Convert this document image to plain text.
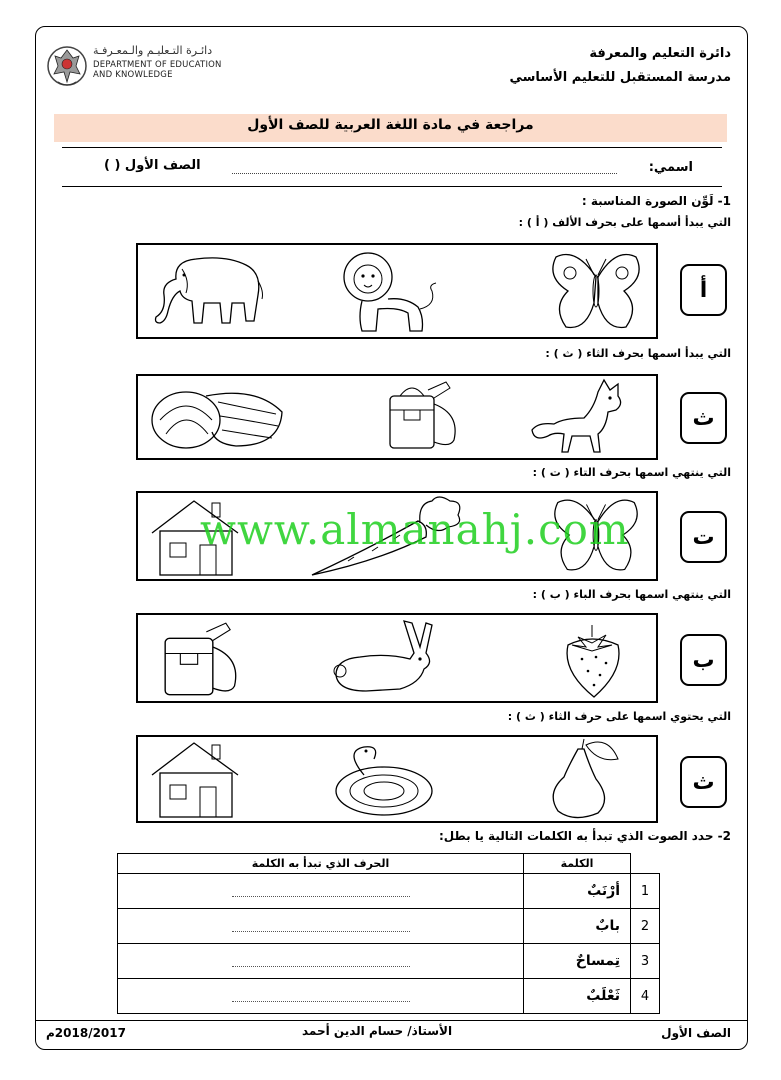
دائـرة التـعليـم والـمعـرفـة
DEPARTMENT OF EDUCATION
AND KNOWLEDGE
دائرة التعليم والمعرفة
مدرسة المستقبل للتعليم الأساسي
مراجعة في مادة اللغة العربية للصف الأول
اسمي:
الصف الأول ( )
1- لَوِّن الصورة المناسبة :
التي يبدأ أسمها على بحرف الألف ( أ ) :
أ
التي يبدأ اسمها بحرف الثاء ( ث ) :
ث
التي ينتهي اسمها بحرف التاء ( ت ) :
ت
التي ينتهي اسمها بحرف الباء ( ب ) :
ب
التي يحتوي اسمها على حرف الثاء ( ث ) :
ث
2- حدد الصوت الذي تبدأ به الكلمات التالية يا بطل:
	الكلمة	الحرف الذي تبدأ به الكلمة
1	أرْنَبٌ	
2	بابٌ	
3	تِمساحٌ	
4	ثَعْلَبٌ	
الصف الأول
الأستاذ/ حسام الدين أحمد
2018/2017م
www.almanahj.com
